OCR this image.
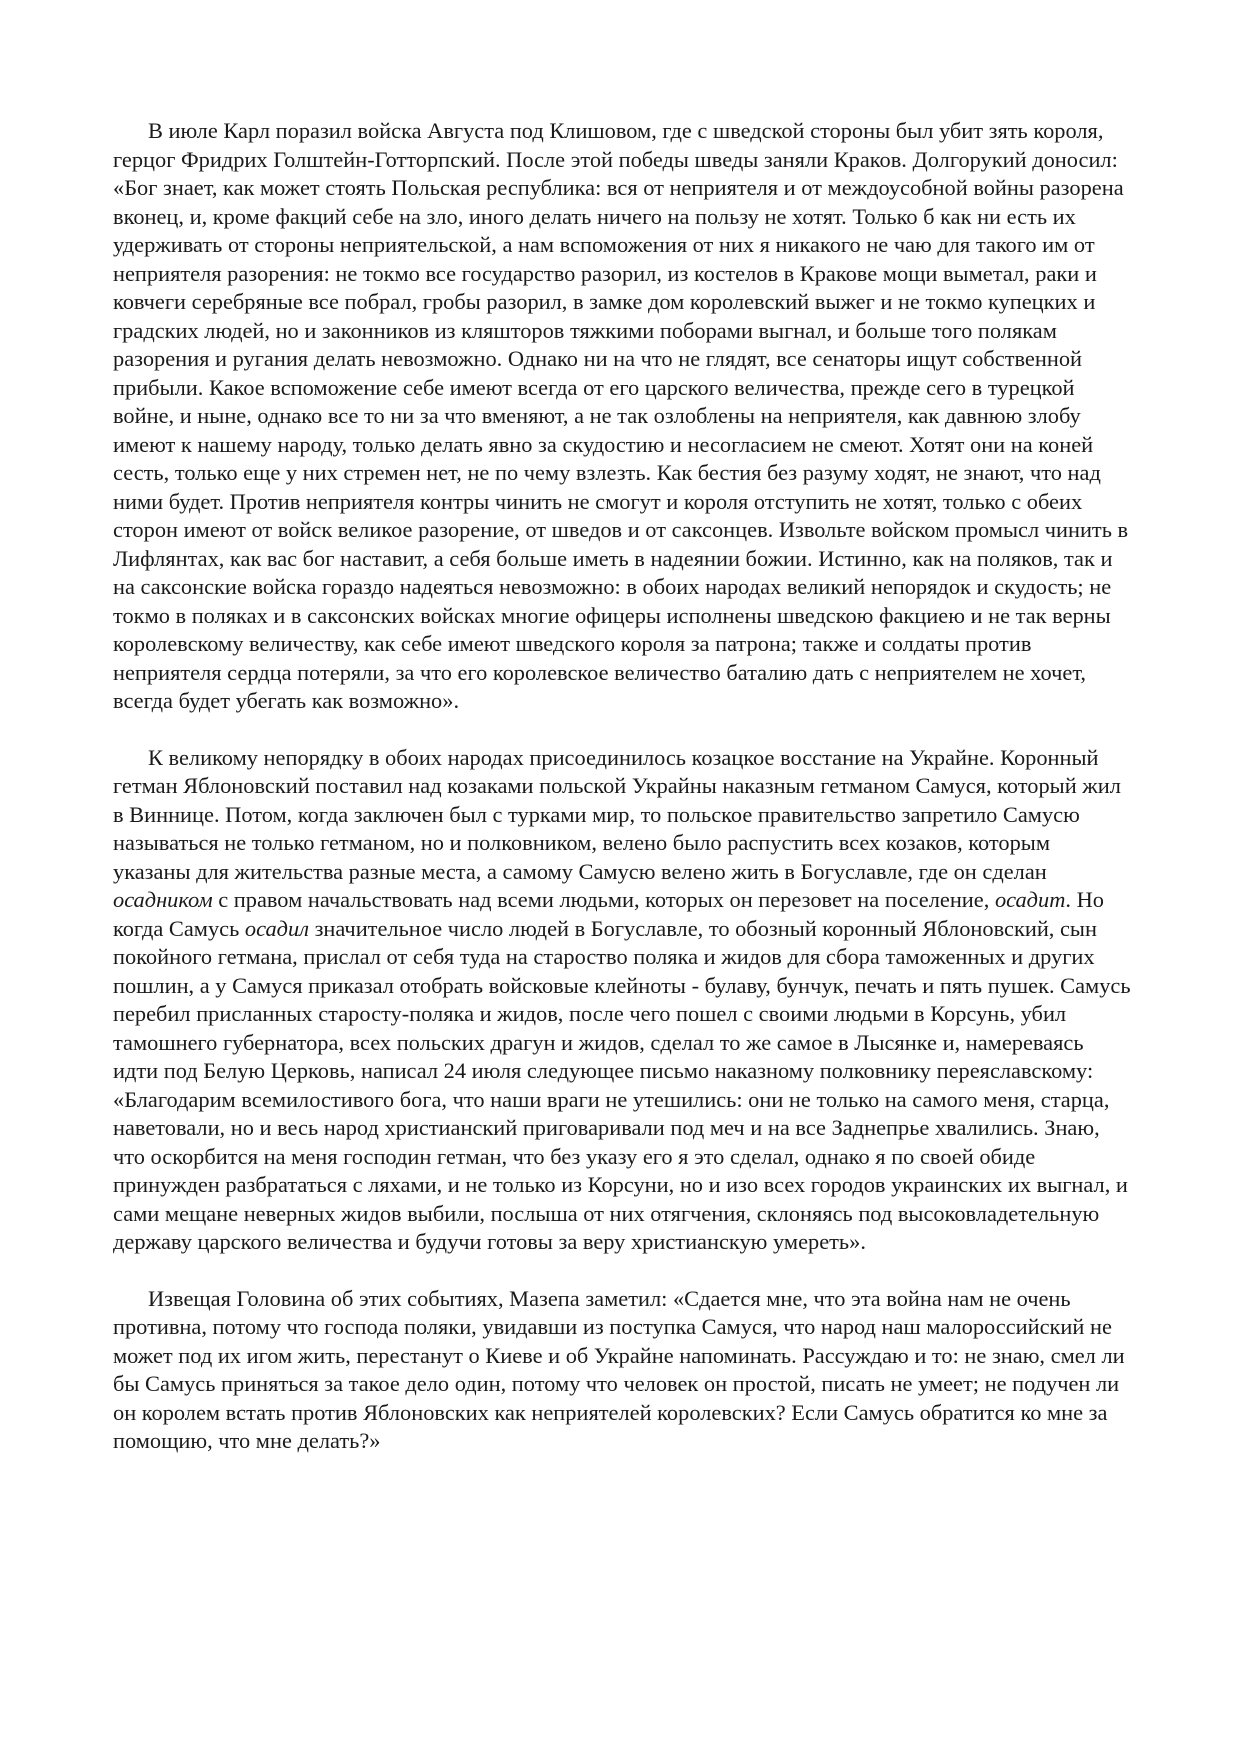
В июле Карл поразил войска Августа под Клишовом, где с шведской стороны был убит зять короля, герцог Фридрих Голштейн-Готторпский. После этой победы шведы заняли Краков. Долгорукий доносил: «Бог знает, как может стоять Польская республика: вся от неприятеля и от междоусобной войны разорена вконец, и, кроме факций себе на зло, иного делать ничего на пользу не хотят. Только б как ни есть их удерживать от стороны неприятельской, а нам вспоможения от них я никакого не чаю для такого им от неприятеля разорения: не токмо все государство разорил, из костелов в Кракове мощи выметал, раки и ковчеги серебряные все побрал, гробы разорил, в замке дом королевский выжег и не токмо купецких и градских людей, но и законников из кляшторов тяжкими поборами выгнал, и больше того полякам разорения и ругания делать невозможно. Однако ни на что не глядят, все сенаторы ищут собственной прибыли. Какое вспоможение себе имеют всегда от его царского величества, прежде сего в турецкой войне, и ныне, однако все то ни за что вменяют, а не так озлоблены на неприятеля, как давнюю злобу имеют к нашему народу, только делать явно за скудостию и несогласием не смеют. Хотят они на коней сесть, только еще у них стремен нет, не по чему взлезть. Как бестия без разуму ходят, не знают, что над ними будет. Против неприятеля контры чинить не смогут и короля отступить не хотят, только с обеих сторон имеют от войск великое разорение, от шведов и от саксонцев. Извольте войском промысл чинить в Лифлянтах, как вас бог наставит, а себя больше иметь в надеянии божии. Истинно, как на поляков, так и на саксонские войска гораздо надеяться невозможно: в обоих народах великий непорядок и скудость; не токмо в поляках и в саксонских войсках многие офицеры исполнены шведскою факциею и не так верны королевскому величеству, как себе имеют шведского короля за патрона; также и солдаты против неприятеля сердца потеряли, за что его королевское величество баталию дать с неприятелем не хочет, всегда будет убегать как возможно».

К великому непорядку в обоих народах присоединилось козацкое восстание на Украйне. Коронный гетман Яблоновский поставил над козаками польской Украйны наказным гетманом Самуся, который жил в Виннице. Потом, когда заключен был с турками мир, то польское правительство запретило Самусю называться не только гетманом, но и полковником, велено было распустить всех козаков, которым указаны для жительства разные места, а самому Самусю велено жить в Богуславле, где он сделан осадником с правом начальствовать над всеми людьми, которых он перезовет на поселение, осадит. Но когда Самусь осадил значительное число людей в Богуславле, то обозный коронный Яблоновский, сын покойного гетмана, прислал от себя туда на староство поляка и жидов для сбора таможенных и других пошлин, а у Самуся приказал отобрать войсковые клейноты - булаву, бунчук, печать и пять пушек. Самусь перебил присланных старосту-поляка и жидов, после чего пошел с своими людьми в Корсунь, убил тамошнего губернатора, всех польских драгун и жидов, сделал то же самое в Лысянке и, намереваясь идти под Белую Церковь, написал 24 июля следующее письмо наказному полковнику переяславскому: «Благодарим всемилостивого бога, что наши враги не утешились: они не только на самого меня, старца, наветовали, но и весь народ христианский приговаривали под меч и на все Заднепрье хвалились. Знаю, что оскорбится на меня господин гетман, что без указу его я это сделал, однако я по своей обиде принужден разбрататься с ляхами, и не только из Корсуни, но и изо всех городов украинских их выгнал, и сами мещане неверных жидов выбили, послыша от них отягчения, склоняясь под высоковладетельную державу царского величества и будучи готовы за веру христианскую умереть».

Извещая Головина об этих событиях, Мазепа заметил: «Сдается мне, что эта война нам не очень противна, потому что господа поляки, увидавши из поступка Самуся, что народ наш малороссийский не может под их игом жить, перестанут о Киеве и об Украйне напоминать. Рассуждаю и то: не знаю, смел ли бы Самусь приняться за такое дело один, потому что человек он простой, писать не умеет; не подучен ли он королем встать против Яблоновских как неприятелей королевских? Если Самусь обратится ко мне за помощию, что мне делать?»
